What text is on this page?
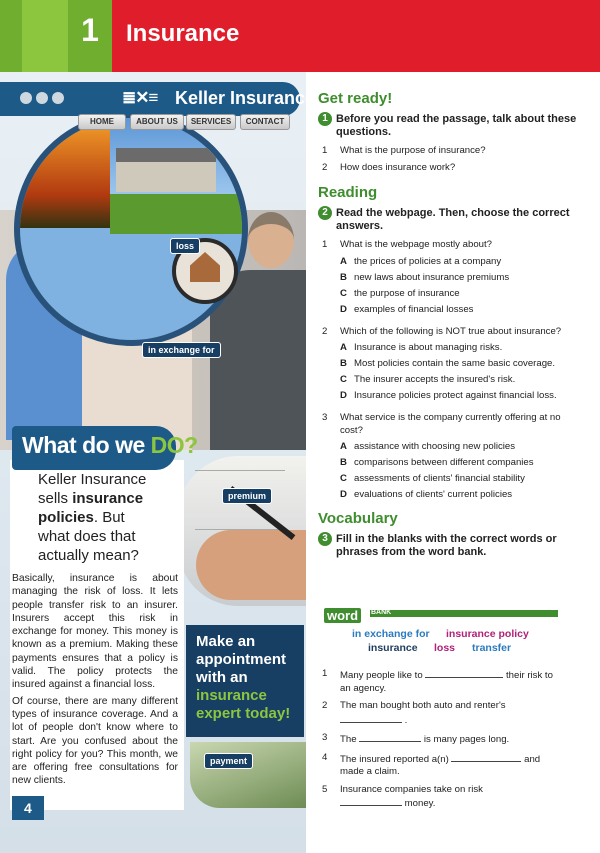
1	Insurance
≣✕≡ Keller Insurance
HOME	ABOUT US	SERVICES	CONTACT
loss
in exchange for
premium
What do we DO?
Keller Insurance
sells insurance
policies. But
what does that
actually mean?

Basically, insurance is about managing the risk of loss. It lets people transfer risk to an insurer. Insurers accept this risk in exchange for money. This money is known as a premium. Making these payments ensures that a policy is valid. The policy protects the insured against a financial loss.

Of course, there are many different types of insurance coverage. And a lot of people don't know where to start. Are you confused about the right policy for you? This month, we are offering free consultations for new clients.

4
Make an
appointment
with an
insurance
expert today!
payment
Get ready!
1 Before you read the passage, talk about these questions.
1	What is the purpose of insurance?
2	How does insurance work?
Reading
2 Read the webpage. Then, choose the correct answers.
1	What is the webpage mostly about?
A the prices of policies at a company
B new laws about insurance premiums
C the purpose of insurance
D examples of financial losses
2	Which of the following is NOT true about insurance?
A Insurance is about managing risks.
B Most policies contain the same basic coverage.
C The insurer accepts the insured's risk.
D Insurance policies protect against financial loss.
3	What service is the company currently offering at no cost?
A assistance with choosing new policies
B comparisons between different companies
C assessments of clients' financial stability
D evaluations of clients' current policies
Vocabulary
3 Fill in the blanks with the correct words or phrases from the word bank.
word	BANK
in exchange for insurance policy
insurance loss transfer
1	Many people like to	their risk to
an agency.
2	The man bought both auto and renter's
.
3	The	is many pages long.
4	The insured reported a(n)	and
made a claim.
5	Insurance companies take on risk
money.
